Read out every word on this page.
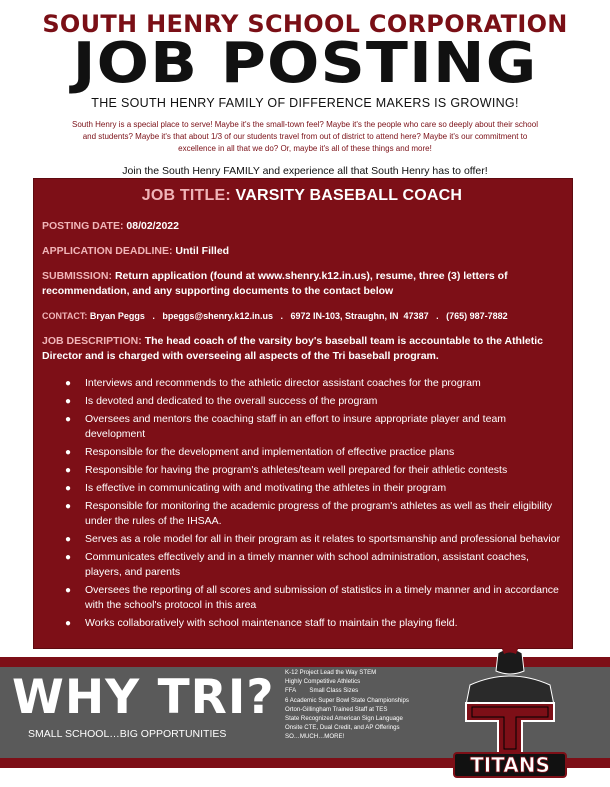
SOUTH HENRY SCHOOL CORPORATION
JOB POSTING
THE SOUTH HENRY FAMILY OF DIFFERENCE MAKERS IS GROWING!
South Henry is a special place to serve! Maybe it's the small-town feel? Maybe it's the people who care so deeply about their school and students? Maybe it's that about 1/3 of our students travel from out of district to attend here? Maybe it's our commitment to excellence in all that we do? Or, maybe it's all of these things and more!
Join the South Henry FAMILY and experience all that South Henry has to offer!
JOB TITLE: VARSITY BASEBALL COACH
POSTING DATE: 08/02/2022
APPLICATION DEADLINE: Until Filled
SUBMISSION: Return application (found at www.shenry.k12.in.us), resume, three (3) letters of recommendation, and any supporting documents to the contact below
CONTACT: Bryan Peggs   .   bpeggs@shenry.k12.in.us   .   6972 IN-103, Straughn, IN  47387   .   (765) 987-7882
JOB DESCRIPTION: The head coach of the varsity boy's baseball team is accountable to the Athletic Director and is charged with overseeing all aspects of the Tri baseball program.
● Interviews and recommends to the athletic director assistant coaches for the program
● Is devoted and dedicated to the overall success of the program
● Oversees and mentors the coaching staff in an effort to insure appropriate player and team development
● Responsible for the development and implementation of effective practice plans
● Responsible for having the program's athletes/team well prepared for their athletic contests
● Is effective in communicating with and motivating the athletes in their program
● Responsible for monitoring the academic progress of the program's athletes as well as their eligibility under the rules of the IHSAA.
● Serves as a role model for all in their program as it relates to sportsmanship and professional behavior
● Communicates effectively and in a timely manner with school administration, assistant coaches, players, and parents
● Oversees the reporting of all scores and submission of statistics in a timely manner and in accordance with the school's protocol in this area
● Works collaboratively with school maintenance staff to maintain the playing field.
WHY TRI?
SMALL SCHOOL…BIG OPPORTUNITIES
K-12 Project Lead the Way STEM
Highly Competitive Athletics
FFA        Small Class Sizes
6 Academic Super Bowl State Championships
Orton-Gillingham Trained Staff at TES
State Recognized American Sign Language
Onsite CTE, Dual Credit, and AP Offerings
SO…MUCH…MORE!
TITANS
